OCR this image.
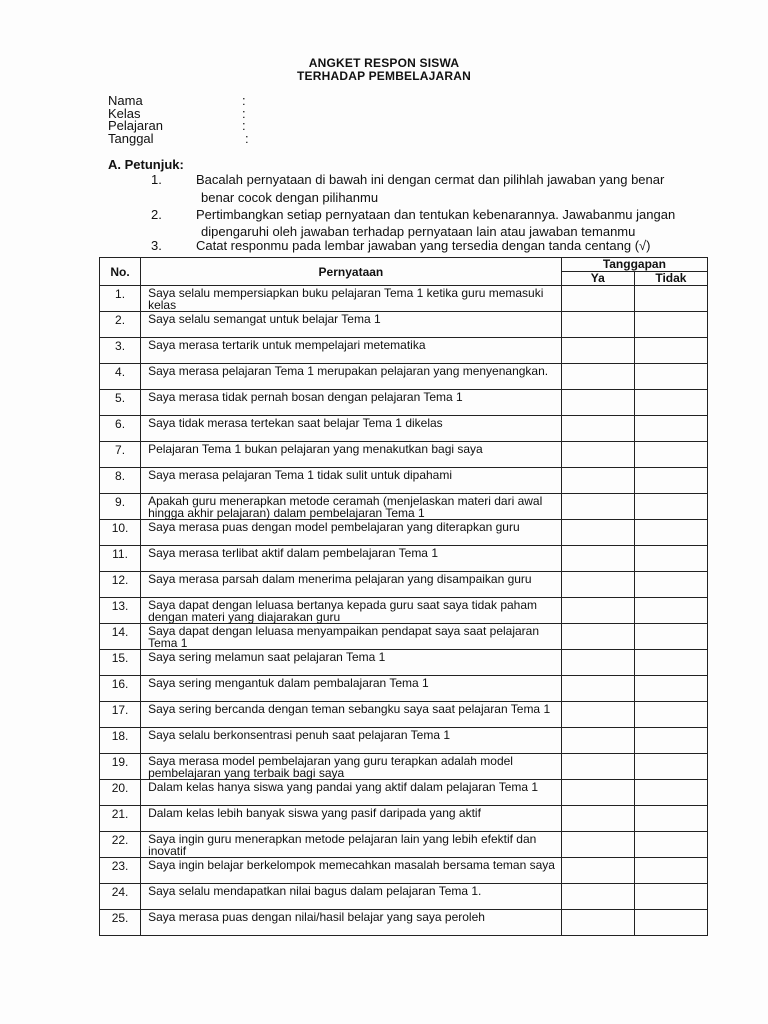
ANGKET RESPON SISWA
TERHADAP PEMBELAJARAN
Nama	:
Kelas	:
Pelajaran	:
Tanggal	:
A. Petunjuk:
1.	Bacalah pernyataan di bawah ini dengan cermat dan pilihlah jawaban yang benar
benar cocok dengan pilihanmu
2.	Pertimbangkan setiap pernyataan dan tentukan kebenarannya. Jawabanmu jangan
dipengaruhi oleh jawaban terhadap pernyataan lain atau jawaban temanmu
3.	Catat responmu pada lembar jawaban yang tersedia dengan tanda centang (√)
No.	Pernyataan	Tanggapan	
		Ya	Tidak
1.	Saya selalu mempersiapkan buku pelajaran Tema 1 ketika guru memasuki kelas		
2.	Saya selalu semangat untuk belajar Tema 1		
3.	Saya merasa tertarik untuk mempelajari metematika		
4.	Saya merasa pelajaran Tema 1 merupakan pelajaran yang menyenangkan.		
5.	Saya merasa tidak pernah bosan dengan pelajaran Tema 1		
6.	Saya tidak merasa tertekan saat belajar Tema 1 dikelas		
7.	Pelajaran Tema 1 bukan pelajaran yang menakutkan bagi saya		
8.	Saya merasa pelajaran Tema 1 tidak sulit untuk dipahami		
9.	Apakah guru menerapkan metode ceramah (menjelaskan materi dari awal hingga akhir pelajaran) dalam pembelajaran Tema 1		
10.	Saya merasa puas dengan model pembelajaran yang diterapkan guru		
11.	Saya merasa terlibat aktif dalam pembelajaran Tema 1		
12.	Saya merasa parsah dalam menerima pelajaran yang disampaikan guru		
13.	Saya dapat dengan leluasa bertanya kepada guru saat saya tidak paham dengan materi yang diajarakan guru		
14.	Saya dapat dengan leluasa menyampaikan pendapat saya saat pelajaran Tema 1		
15.	Saya sering melamun saat pelajaran Tema 1		
16.	Saya sering mengantuk dalam pembalajaran Tema 1		
17.	Saya sering bercanda dengan teman sebangku saya saat pelajaran Tema 1		
18.	Saya selalu berkonsentrasi penuh saat pelajaran Tema 1		
19.	Saya merasa model pembelajaran yang guru terapkan adalah model pembelajaran yang terbaik bagi saya		
20.	Dalam kelas hanya siswa yang pandai yang aktif dalam pelajaran Tema 1		
21.	Dalam kelas lebih banyak siswa yang pasif daripada yang aktif		
22.	Saya ingin guru menerapkan metode pelajaran lain yang lebih efektif dan inovatif		
23.	Saya ingin belajar berkelompok memecahkan masalah bersama teman saya		
24.	Saya selalu mendapatkan nilai bagus dalam pelajaran Tema 1.		
25.	Saya merasa puas dengan nilai/hasil belajar yang saya peroleh		
